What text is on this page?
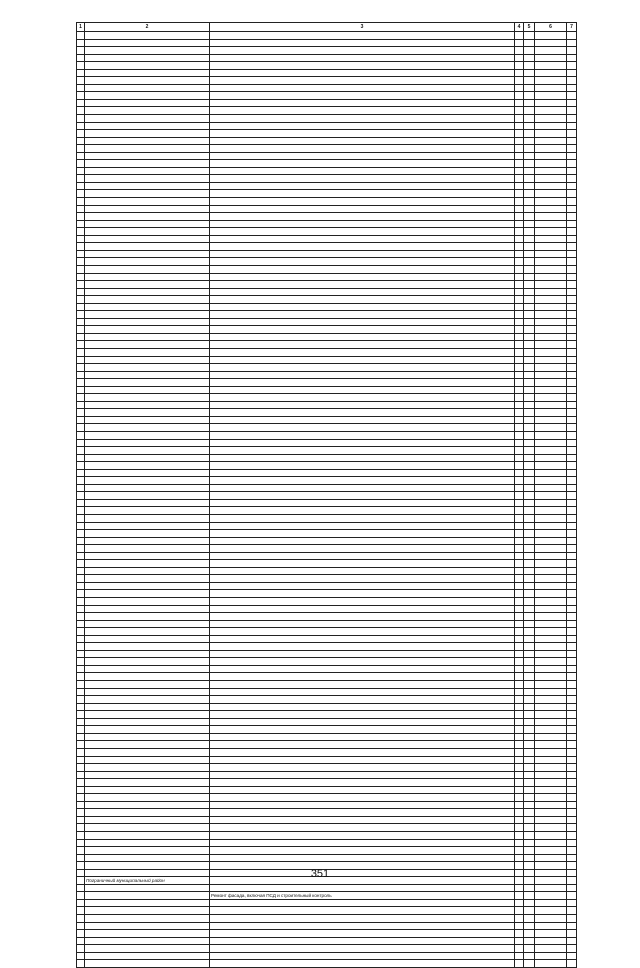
1	2	3	4	5	6	7

	Пограничный муниципальный район					

		Ремонт фасада, включая ПСД и строительный контроль				

351
